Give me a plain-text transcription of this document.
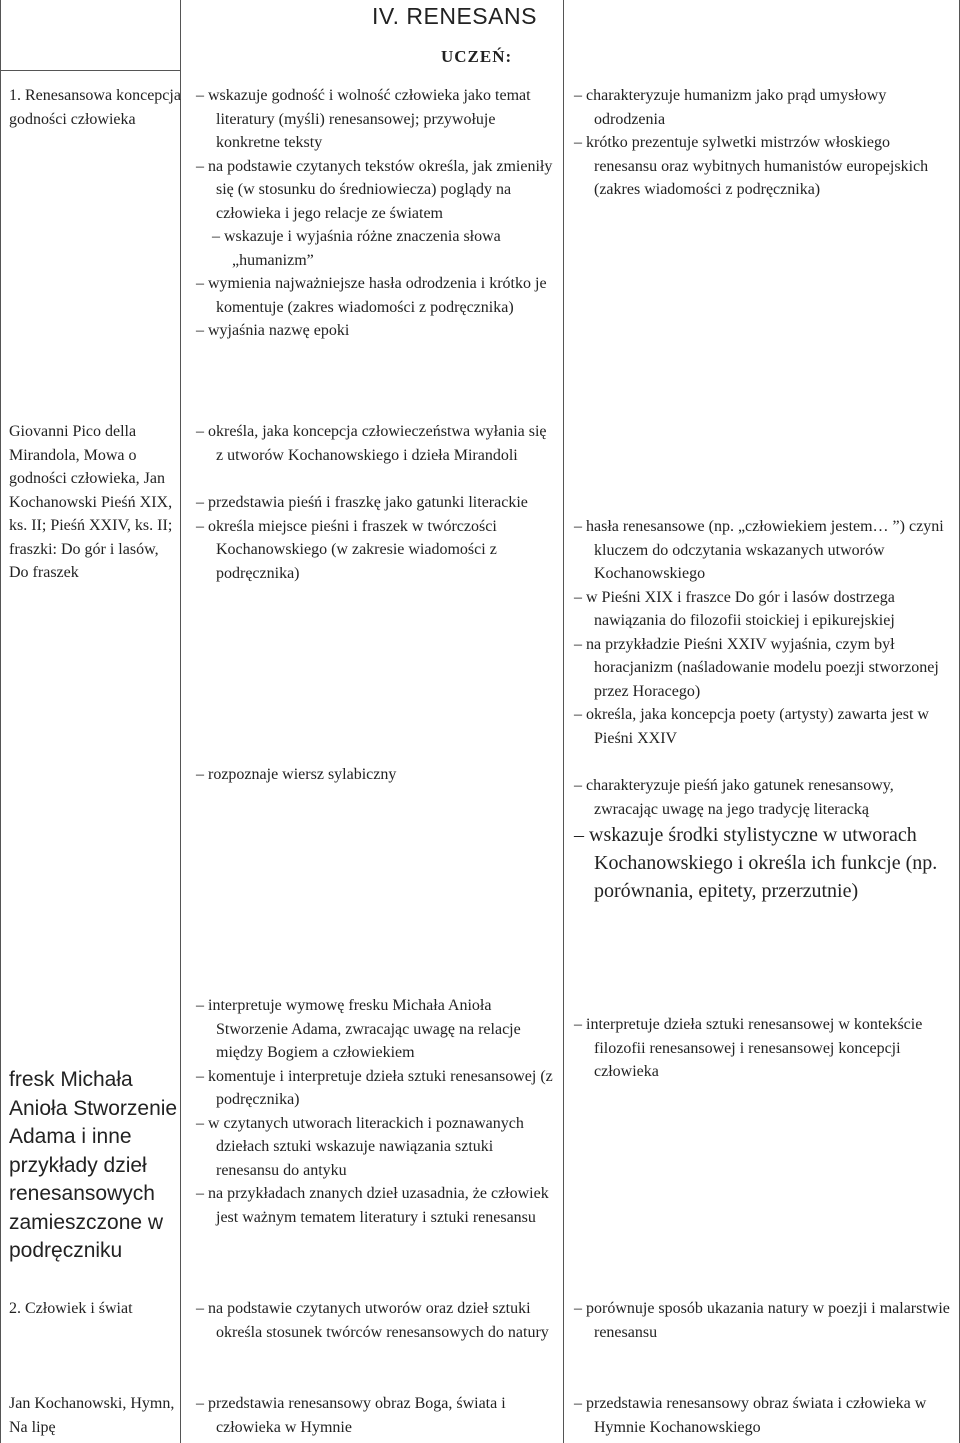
IV. RENESANS
UCZEŃ:

1. Renesansowa koncepcja godności człowieka

– wskazuje godność i wolność człowieka jako temat literatury (myśli) renesansowej; przywołuje konkretne teksty

– na podstawie czytanych tekstów określa, jak zmieniły się (w stosunku do średniowiecza) poglądy na człowieka i jego relacje ze światem

– wskazuje i wyjaśnia różne znaczenia słowa „humanizm”

– wymienia najważniejsze hasła odrodzenia i krótko je komentuje (zakres wiadomości z podręcznika)

– wyjaśnia nazwę epoki

– charakteryzuje humanizm jako prąd umysłowy odrodzenia

– krótko prezentuje sylwetki mistrzów włoskiego renesansu oraz wybitnych humanistów europejskich (zakres wiadomości z podręcznika)

Giovanni Pico della Mirandola, Mowa o godności człowieka, Jan Kochanowski Pieśń XIX, ks. II; Pieśń XXIV, ks. II; fraszki: Do gór i lasów, Do fraszek

– określa, jaka koncepcja człowieczeństwa wyłania się z utworów Kochanowskiego i dzieła Mirandoli

– przedstawia pieśń i fraszkę jako gatunki literackie

– określa miejsce pieśni i fraszek w twórczości Kochanowskiego (w zakresie wiadomości z podręcznika)

– rozpoznaje wiersz sylabiczny

– hasła renesansowe (np. „człowiekiem jestem… ”) czyni kluczem do odczytania wskazanych utworów Kochanowskiego

– w Pieśni XIX i fraszce Do gór i lasów dostrzega nawiązania do filozofii stoickiej i epikurejskiej

– na przykładzie Pieśni XXIV wyjaśnia, czym był horacjanizm (naśladowanie modelu poezji stworzonej przez Horacego)

– określa, jaka koncepcja poety (artysty) zawarta jest w Pieśni XXIV

– charakteryzuje pieśń jako gatunek renesansowy, zwracając uwagę na jego tradycję literacką

– wskazuje środki stylistyczne w utworach Kochanowskiego i określa ich funkcje (np. porównania, epitety, przerzutnie)

fresk Michała Anioła Stworzenie Adama i inne przykłady dzieł renesansowych zamieszczone w podręczniku

– interpretuje wymowę fresku Michała Anioła Stworzenie Adama, zwracając uwagę na relacje między Bogiem a człowiekiem

– komentuje i interpretuje dzieła sztuki renesansowej (z podręcznika)

– w czytanych utworach literackich i poznawanych dziełach sztuki wskazuje nawiązania sztuki renesansu do antyku

– na przykładach znanych dzieł uzasadnia, że człowiek jest ważnym tematem literatury i sztuki renesansu

– interpretuje dzieła sztuki renesansowej w kontekście filozofii renesansowej i renesansowej koncepcji człowieka

2. Człowiek i świat	– na podstawie czytanych utworów oraz dzieł sztuki określa stosunek twórców renesansowych do natury

– porównuje sposób ukazania natury w poezji i malarstwie renesansu

Jan Kochanowski, Hymn, Na lipę

– przedstawia renesansowy obraz Boga, świata i człowieka w Hymnie

– przedstawia renesansowy obraz świata i człowieka w Hymnie Kochanowskiego
